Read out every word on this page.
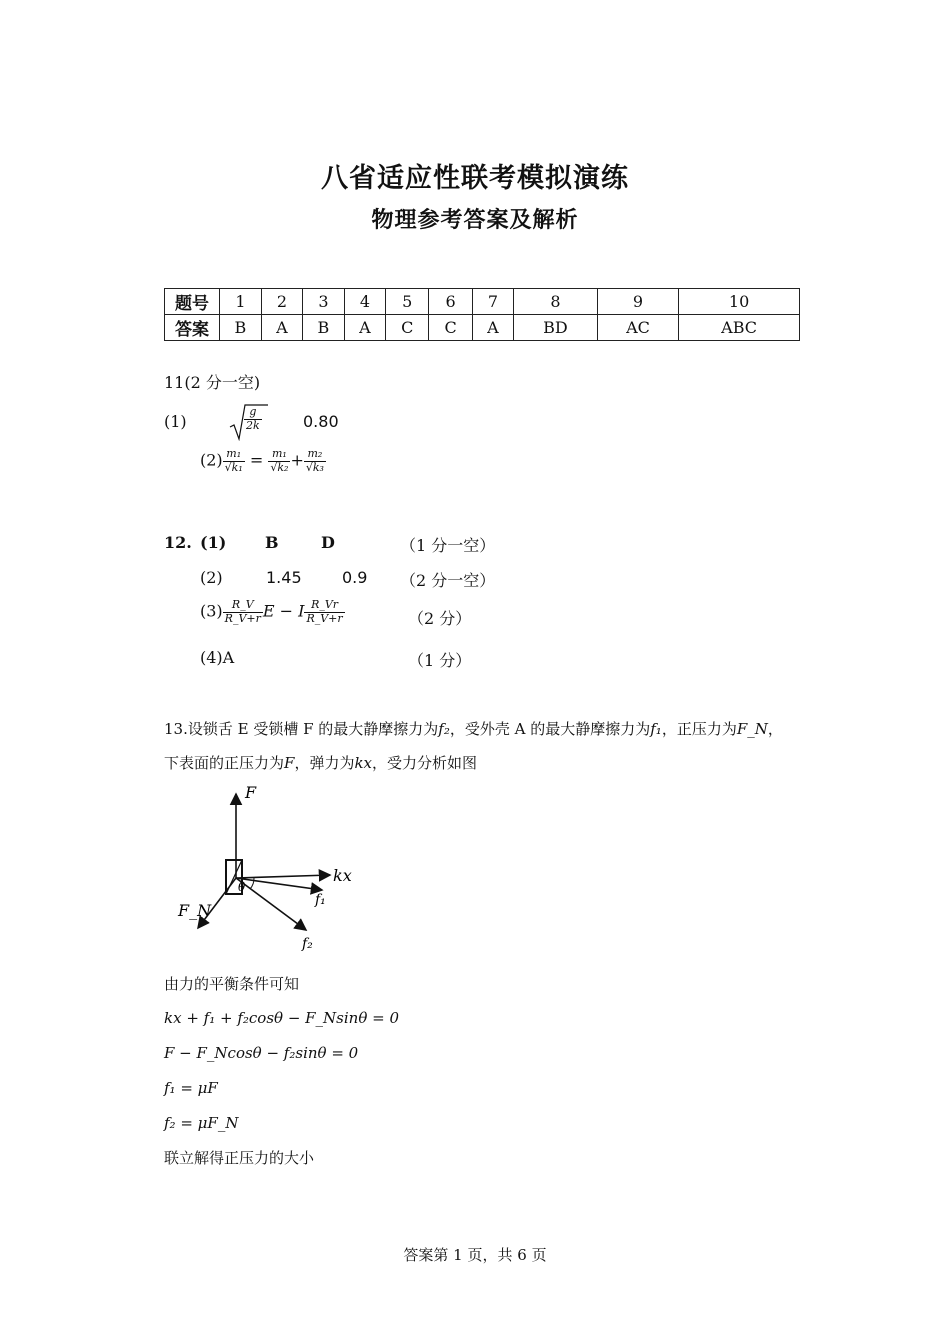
八省适应性联考模拟演练
物理参考答案及解析
题号	1	2	3	4	5	6	7	8	9	10
答案	B	A	B	A	C	C	A	BD	AC	ABC
11(2 分一空)
(1)	$\frac{g}{2k}$	0.80
$(2) \frac{\text{m₁}}{\text{√k₁}} = \frac{\text{m₁}}{\text{√k₂}} + \frac{\text{m₂}}{\text{√k₃}}$
12. (1) B	D	（1 分一空）
(2)	1.45	0.9 （2 分一空）
$(3) \frac{R\_V}{R\_V+r}$ E − I $\frac{R\_Vr}{R\_V+r}$	（2 分）
(4)A	（1 分）
13.设锁舌 E 受锁槽 F 的最大静摩擦力为f₂，受外壳 A 的最大静摩擦力为f₁，正压力为F_N，
下表面的正压力为F，弹力为kx，受力分析如图
F
kx
f₁
f₂
F_N
θ
由力的平衡条件可知
kx + f₁ + f₂cosθ − F_Nsinθ = 0
F − F_Ncosθ − f₂sinθ = 0
f₁ = μF
f₂ = μF_N
联立解得正压力的大小
答案第 1 页，共 6 页
